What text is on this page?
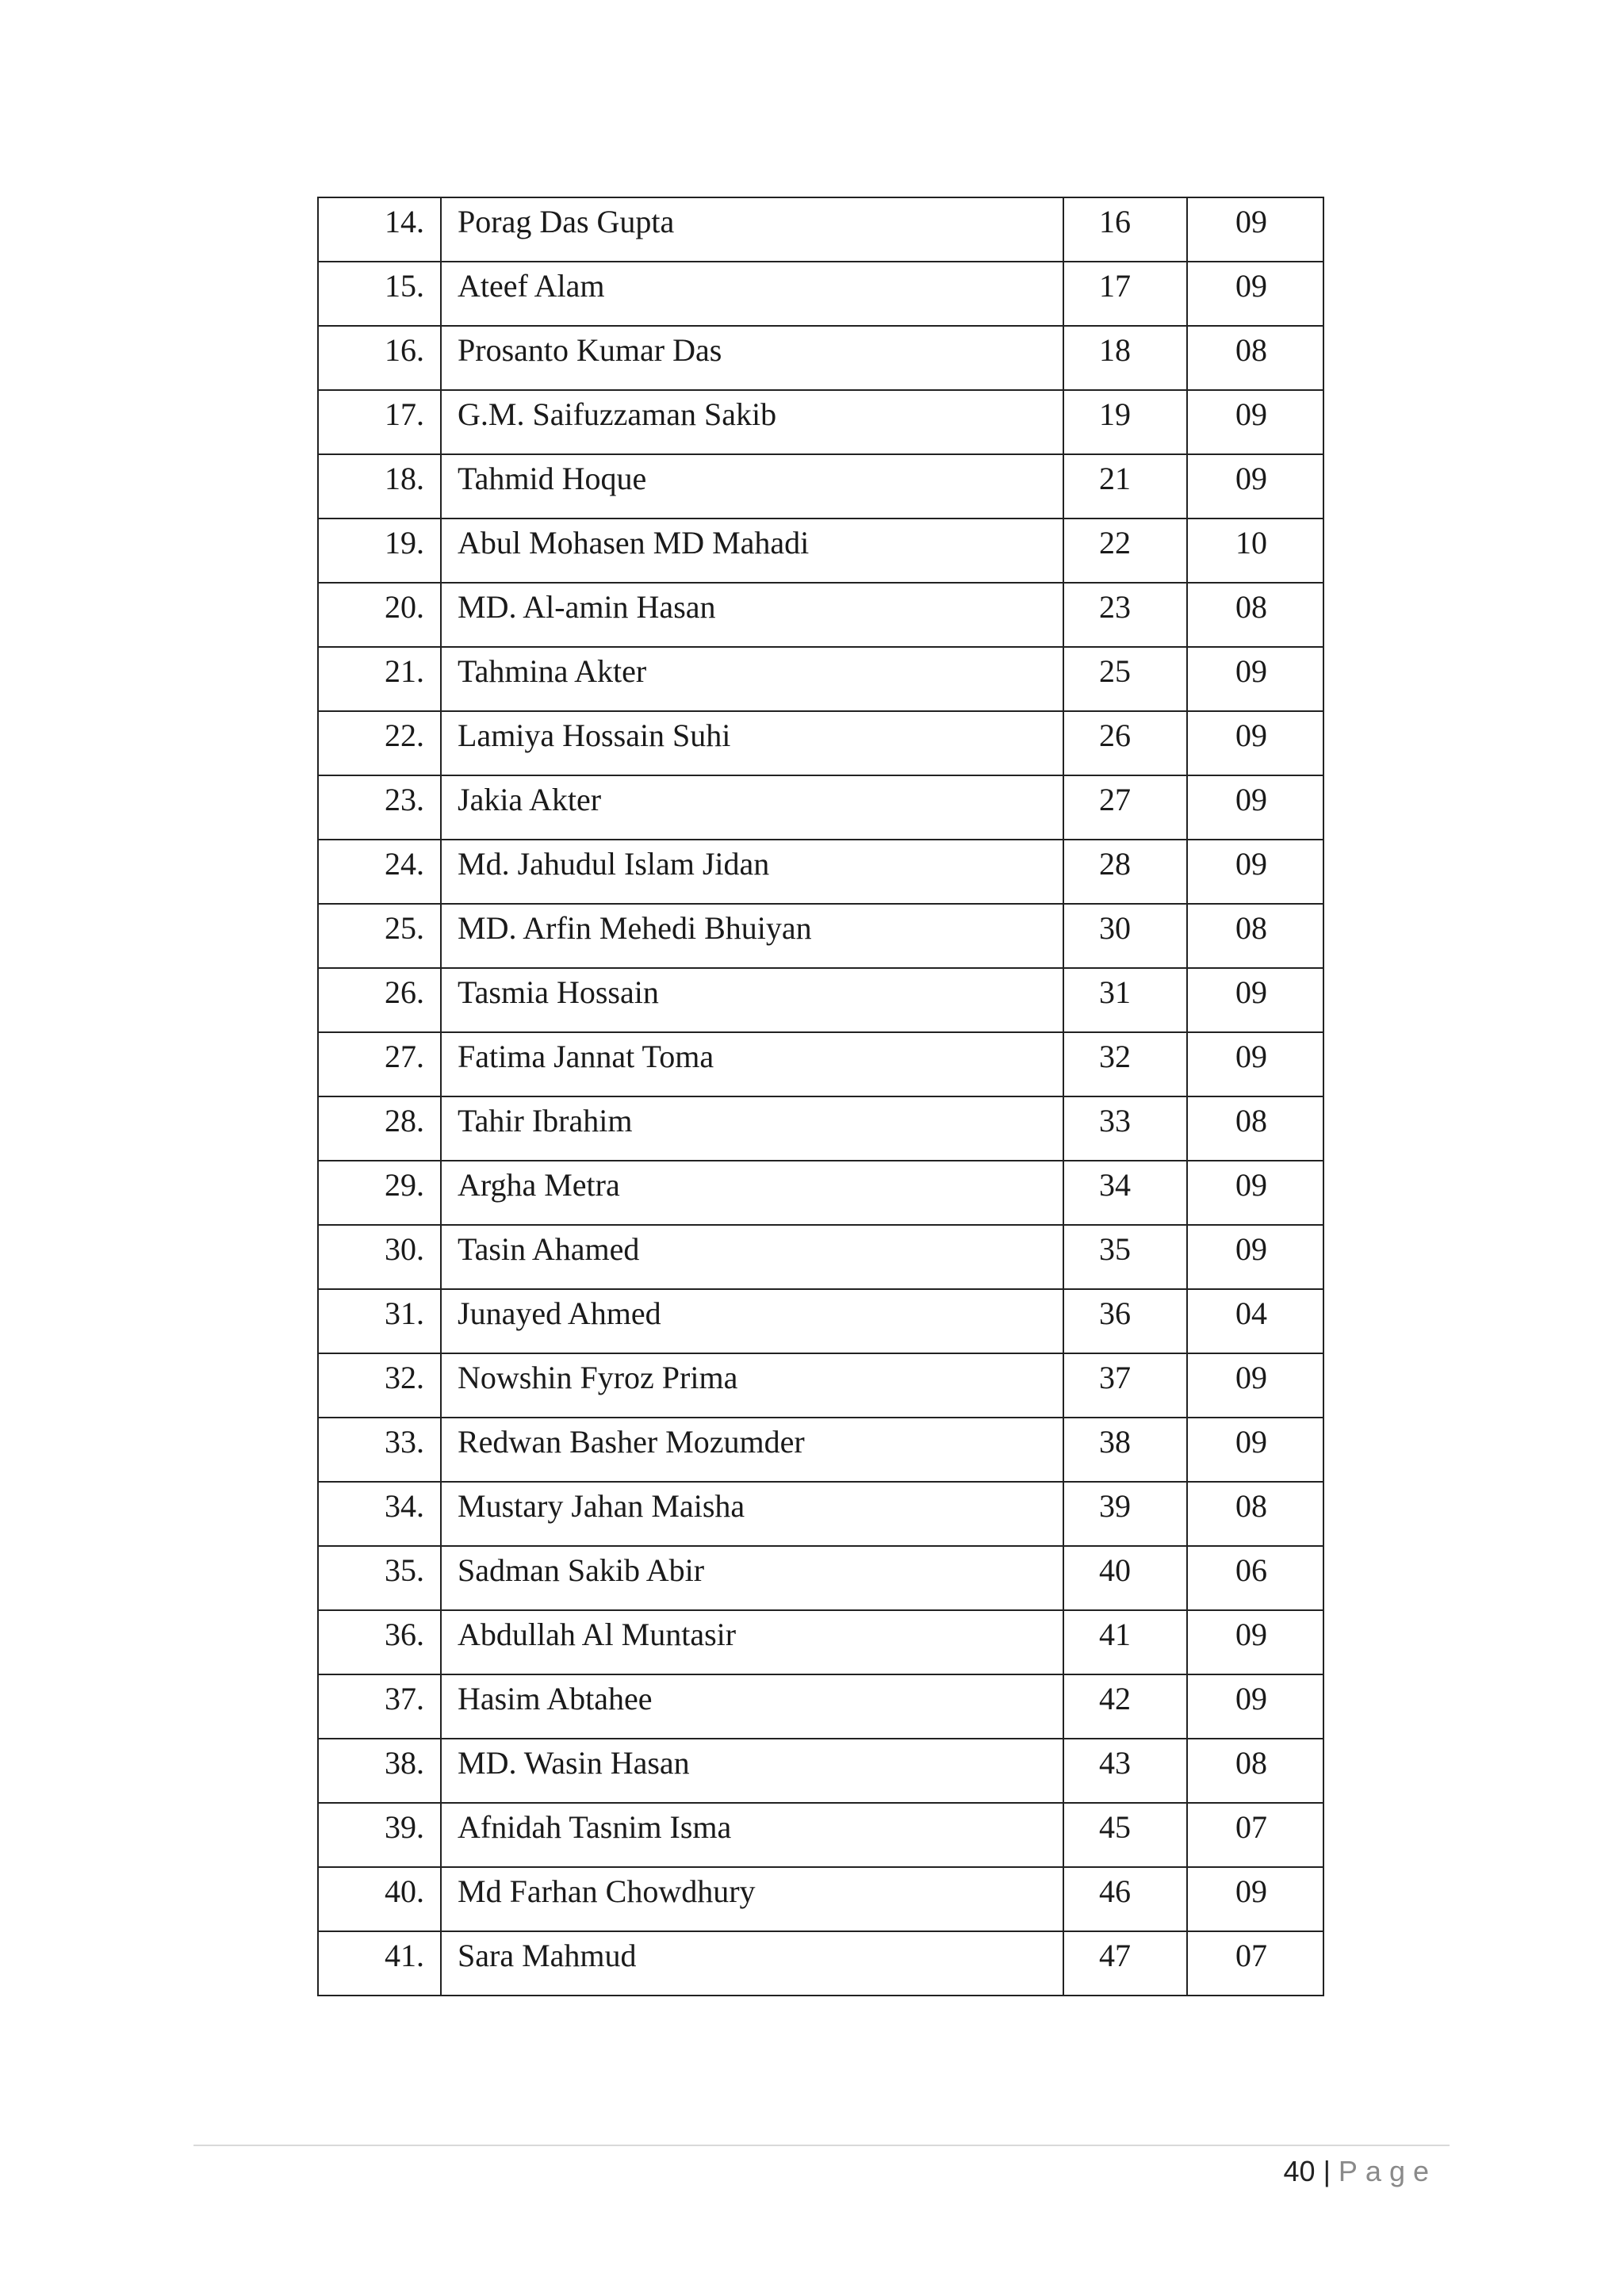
14.	Porag Das Gupta	16	09
15.	Ateef Alam	17	09
16.	Prosanto Kumar Das	18	08
17.	G.M. Saifuzzaman Sakib	19	09
18.	Tahmid Hoque	21	09
19.	Abul Mohasen MD Mahadi	22	10
20.	MD. Al-amin Hasan	23	08
21.	Tahmina Akter	25	09
22.	Lamiya Hossain Suhi	26	09
23.	Jakia Akter	27	09
24.	Md. Jahudul Islam Jidan	28	09
25.	MD. Arfin Mehedi Bhuiyan	30	08
26.	Tasmia Hossain	31	09
27.	Fatima Jannat Toma	32	09
28.	Tahir Ibrahim	33	08
29.	Argha Metra	34	09
30.	Tasin Ahamed	35	09
31.	Junayed Ahmed	36	04
32.	Nowshin Fyroz Prima	37	09
33.	Redwan Basher Mozumder	38	09
34.	Mustary Jahan Maisha	39	08
35.	Sadman Sakib Abir	40	06
36.	Abdullah Al Muntasir	41	09
37.	Hasim Abtahee	42	09
38.	MD. Wasin Hasan	43	08
39.	Afnidah Tasnim Isma	45	07
40.	Md Farhan Chowdhury	46	09
41.	Sara Mahmud	47	07
40 | Page
